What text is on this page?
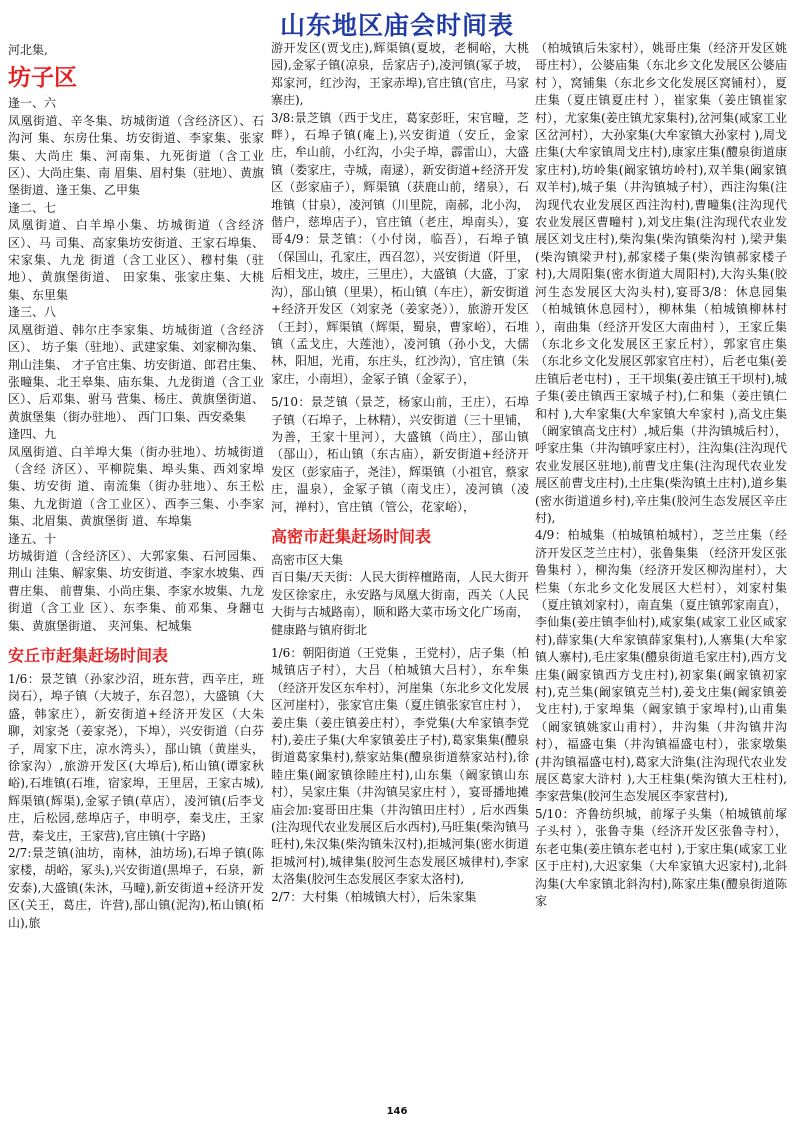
山东地区庙会时间表

河北集,

坊子区

逢一、六

凤凰街道、辛冬集、坊城街道（含经济区）、石沟河 集、东房仕集、坊安街道、李家集、张家集、大尚庄 集、河南集、九死街道（含工业区）、大尚庄集、南 眉集、眉村集（驻地）、黄旗堡街道、逢王集、乙甲集

逢二、七

凤凰街道、白羊埠小集、坊城街道（含经济区）、马 司集、高家集坊安街道、王家石埠集、宋家集、九龙 街道（含工业区）、穆村集（驻地）、黄旗堡街道、 田家集、张家庄集、大桃集、东里集

逢三、八

凤凰街道、韩尔庄李家集、坊城街道（含经济区）、 坊子集（驻地）、武建家集、刘家柳沟集、荆山洼集、 才子官庄集、坊安街道、郎君庄集、张疃集、北王皋集、庙东集、九龙街道（含工业区）、后邓集、驸马 营集、杨庄、黄旗堡街道、黄旗堡集（街办驻地）、 西门口集、西安桑集

逢四、九

凤凰街道、白羊埠大集（街办驻地）、坊城街道（含经 济区）、平柳院集、埠头集、西刘家埠集、坊安街 道、南流集（街办驻地）、东王松集、九龙街道（含工业区）、西李三集、小李家集、北眉集、黄旗堡街 道、车埠集

逢五、十

坊城街道（含经济区）、大郭家集、石河园集、荆山 洼集、解家集、坊安街道、李家水坡集、西曹庄集、 前曹集、小尚庄集、李家水坡集、九龙街道（含工业 区）、东李集、前邓集、身翿屯集、黄旗堡街道、 夹河集、杞城集

安丘市赶集赶场时间表

1/6：景芝镇（孙家沙沼，班东营，西辛庄，班岗石），埠子镇（大坡子，东召忽），大盛镇（大盛，韩家庄），新安街道+经济开发区（大朱聊，刘家尧（姜家尧），下埠），兴安街道（白芬子，周家下庄，凉水湾头），郚山镇（黄崖头，徐家沟）,旅游开发区(大埠后),柘山镇(谭家秋峪),石堆镇(石堆，宿家埠，王里居，王家古城),辉渠镇(辉渠),金冢子镇(草店），凌河镇(后李戈庄，后松园,慈埠店子，申明亭，秦戈庄，王家营，秦戈庄，王家营),官庄镇(十字路)

2/7:景芝镇(油坊，南林，油坊场),石埠子镇(陈家楼，胡峪，冢头),兴安街道(黑埠子，石泉，新安泰),大盛镇(朱沐，马疃),新安街道+经济开发区(关王，葛庄，许营),郚山镇(泥沟),柘山镇(柘山),旅

游开发区(贾戈庄),辉渠镇(夏坡，老桐峪，大桃园),金冢子镇(凉泉，岳家店子),凌河镇(冢子坡，郑家河，红沙沟，王家赤埠),官庄镇(官庄，马家寨庄),

3/8:景芝镇（西于戈庄，葛家彭旺，宋官疃，芝畔），石埠子镇(庵上),兴安街道（安丘，金家庄，牟山前，小红沟，小尖子埠，霹雷山），大盛镇（娄家庄，寺城，南逯），新安街道+经济开发区（彭家庙子），辉渠镇（获鹿山前，绪泉），石堆镇（甘泉），凌河镇（川里院，南郝，北小沟，偕户，慈埠店子），官庄镇（老庄，埠南头），宴哥4/9：景芝镇：（小付岗，临吾），石埠子镇（保国山，孔家庄，西召忽），兴安街道（阡里，后相戈庄，坡庄，三里庄），大盛镇（大盛，丁家沟），郚山镇（里果），柘山镇（车庄），新安街道+经济开发区（刘家尧（姜家尧）），旅游开发区（王封），辉渠镇（辉渠，蜀泉，曹家峪），石堆镇（孟戈庄，大莲池），凌河镇（孙小戈，大儒林，阳旭，光甫，东庄头，红沙沟），官庄镇（朱家庄，小南坦），金冢子镇（金冢子），

5/10：景芝镇（景芝，杨家山前，王庄），石埠子镇（石埠子，上林精），兴安街道（三十里铺，为善，王家十里河），大盛镇（尚庄），郚山镇（郚山），柘山镇（东古庙），新安街道+经济开发区（彭家庙子，尧洼），辉渠镇（小祖官，蔡家庄，温泉），金冢子镇（南戈庄），凌河镇（凌河，禅村），官庄镇（管公，花家峪），

高密市赶集赶场时间表

高密市区大集

百日集/天天街：人民大街梓檀路南，人民大街开发区徐家庄，永安路与凤凰大街南，西关（人民大街与古城路南），顺和路大菜市场文化广场南，健康路与镇府街北

1/6：朝阳街道（王党集 ，王党村），店子集（柏城镇店子村），大吕（柏城镇大吕村），东牟集（经济开发区东牟村），河崖集（东北乡文化发展区河崖村），张家官庄集（夏庄镇张家官庄村 ），姜庄集（姜庄镇姜庄村），李党集(大牟家镇李党村),姜庄子集(大牟家镇姜庄子村),葛家集集(醴泉街道葛家集村),蔡家站集(醴泉街道蔡家站村),徐睦庄集(阚家镇徐睦庄村),山东集（阚家镇山东村），吴家庄集（井沟镇吴家庄村 ），宴哥播地摊庙会加:宴哥田庄集（井沟镇田庄村）, 后水西集(注沟现代农业发展区后水西村),马旺集(柴沟镇马旺村),朱汉集(柴沟镇朱汉村),拒城河集(密水街道拒城河村),城律集(胶河生态发展区城律村),李家太洛集(胶河生态发展区李家太洛村),

2/7：大村集（柏城镇大村），后朱家集

（柏城镇后朱家村），姚哥庄集（经济开发区姚哥庄村），公婆庙集（东北乡文化发展区公婆庙村 ），窝铺集（东北乡文化发展区窝铺村），夏庄集（夏庄镇夏庄村 ），崔家集（姜庄镇崔家村），尤家集(姜庄镇尤家集村),岔河集(咸家工业区岔河村），大孙家集(大牟家镇大孙家村 ),周戈庄集(大牟家镇周戈庄村),康家庄集(醴泉街道康家庄村),坊岭集(阚家镇坊岭村),双羊集(阚家镇双羊村),城子集（井沟镇城子村），西注沟集(注沟现代农业发展区西注沟村),曹疃集(注沟现代农业发展区曹疃村 ),刘戈庄集(注沟现代农业发展区刘戈庄村),柴沟集(柴沟镇柴沟村 ),梁尹集(柴沟镇梁尹村),郝家楼子集(柴沟镇郝家楼子村),大周阳集(密水街道大周阳村),大沟头集(胶河生态发展区大沟头村),宴哥3/8：休息园集（柏城镇休息园村），柳林集（柏城镇柳林村 ），南曲集（经济开发区大南曲村 ），王家丘集（东北乡文化发展区王家丘村），郭家官庄集（东北乡文化发展区郭家官庄村），后老屯集(姜庄镇后老屯村) ，王干坝集(姜庄镇王干坝村),城子集(姜庄镇西王家城子村),仁和集（姜庄镇仁和村 ),大牟家集(大牟家镇大牟家村 ),高戈庄集（阚家镇高戈庄村）,城后集（井沟镇城后村），呼家庄集（井沟镇呼家庄村），注沟集(注沟现代农业发展区驻地),前曹戈庄集(注沟现代农业发展区前曹戈庄村),土庄集(柴沟镇土庄村),道乡集(密水街道道乡村),辛庄集(胶河生态发展区辛庄村),

4/9：柏城集（柏城镇柏城村），芝兰庄集（经济开发区芝兰庄村），张鲁集集 （经济开发区张鲁集村 ），柳沟集（经济开发区柳沟崖村），大栏集（东北乡文化发展区大栏村），刘家村集 （夏庄镇刘家村），南直集（夏庄镇郭家南直），李仙集(姜庄镇李仙村),咸家集(咸家工业区咸家村),薛家集(大牟家镇薛家集村),人寨集(大牟家镇人寨村),毛庄家集(醴泉街道毛家庄村),西方戈庄集(阚家镇西方戈庄村),初家集(阚家镇初家村),克兰集(阚家镇克兰村),姜戈庄集(阚家镇姜戈庄村),于家埠集（阚家镇于家埠村),山甫集（阚家镇姚家山甫村），井沟集（井沟镇井沟村），福盛屯集（井沟镇福盛屯村），张家墩集(井沟镇福盛屯村),葛家大浒集(注沟现代农业发展区葛家大浒村 ),大王柱集(柴沟镇大王柱村),李家营集(胶河生态发展区李家营村),

5/10：齐鲁纺织城，前塚子头集（柏城镇前塚子头村 ），张鲁寺集（经济开发区张鲁寺村），东老屯集(姜庄镇东老屯村 ),于家庄集(咸家工业区于庄村),大迟家集（大牟家镇大迟家村),北斜沟集(大牟家镇北斜沟村),陈家庄集(醴泉街道陈家

146
